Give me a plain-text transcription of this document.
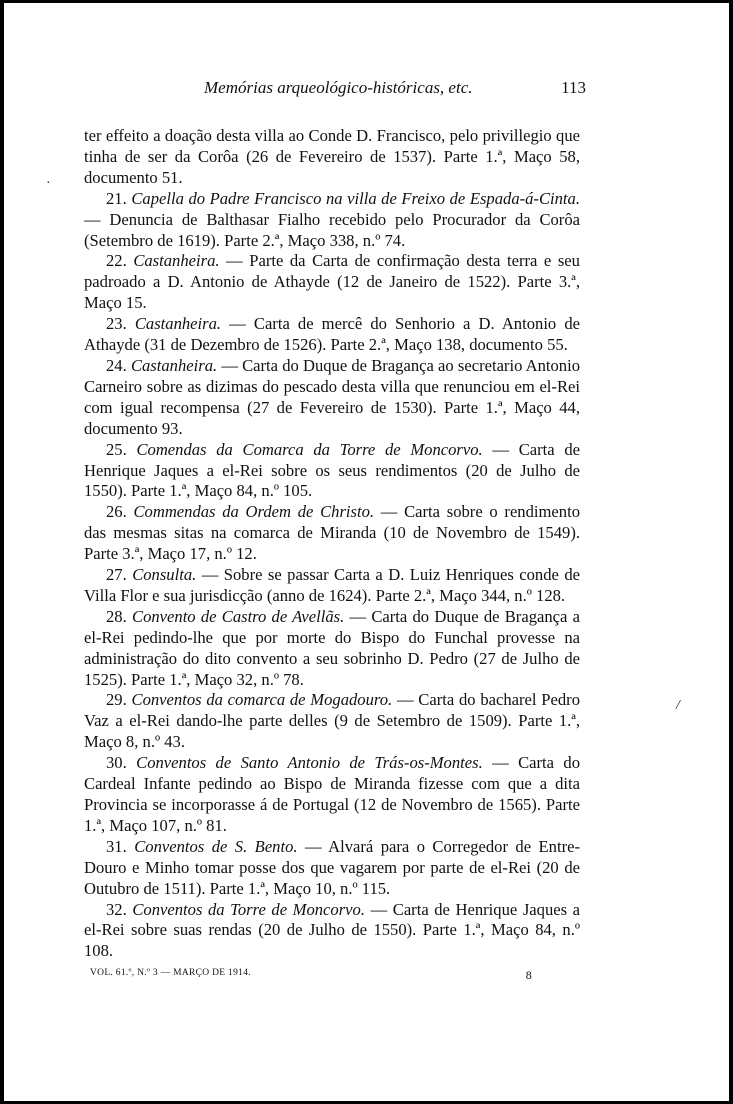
Memórias arqueológico-históricas, etc.	113

ter effeito a doação desta villa ao Conde D. Francisco, pelo privillegio que tinha de ser da Corôa (26 de Fevereiro de 1537). Parte 1.ª, Maço 58, documento 51.

21. Capella do Padre Francisco na villa de Freixo de Espada-á-Cinta. — Denuncia de Balthasar Fialho recebido pelo Procurador da Corôa (Setembro de 1619). Parte 2.ª, Maço 338, n.º 74.

22. Castanheira. — Parte da Carta de confirmação desta terra e seu padroado a D. Antonio de Athayde (12 de Janeiro de 1522). Parte 3.ª, Maço 15.

23. Castanheira. — Carta de mercê do Senhorio a D. Antonio de Athayde (31 de Dezembro de 1526). Parte 2.ª, Maço 138, documento 55.

24. Castanheira. — Carta do Duque de Bragança ao secretario Antonio Carneiro sobre as dizimas do pescado desta villa que renunciou em el-Rei com igual recompensa (27 de Fevereiro de 1530). Parte 1.ª, Maço 44, documento 93.

25. Comendas da Comarca da Torre de Moncorvo. — Carta de Henrique Jaques a el-Rei sobre os seus rendimentos (20 de Julho de 1550). Parte 1.ª, Maço 84, n.º 105.

26. Commendas da Ordem de Christo. — Carta sobre o rendimento das mesmas sitas na comarca de Miranda (10 de Novembro de 1549). Parte 3.ª, Maço 17, n.º 12.

27. Consulta. — Sobre se passar Carta a D. Luiz Henriques conde de Villa Flor e sua jurisdicção (anno de 1624). Parte 2.ª, Maço 344, n.º 128.

28. Convento de Castro de Avellãs. — Carta do Duque de Bragança a el-Rei pedindo-lhe que por morte do Bispo do Funchal provesse na administração do dito convento a seu sobrinho D. Pedro (27 de Julho de 1525). Parte 1.ª, Maço 32, n.º 78.

29. Conventos da comarca de Mogadouro. — Carta do bacharel Pedro Vaz a el-Rei dando-lhe parte delles (9 de Setembro de 1509). Parte 1.ª, Maço 8, n.º 43.

30. Conventos de Santo Antonio de Trás-os-Montes. — Carta do Cardeal Infante pedindo ao Bispo de Miranda fizesse com que a dita Provincia se incorporasse á de Portugal (12 de Novembro de 1565). Parte 1.ª, Maço 107, n.º 81.

31. Conventos de S. Bento. — Alvará para o Corregedor de Entre-Douro e Minho tomar posse dos que vagarem por parte de el-Rei (20 de Outubro de 1511). Parte 1.ª, Maço 10, n.º 115.

32. Conventos da Torre de Moncorvo. — Carta de Henrique Jaques a el-Rei sobre suas rendas (20 de Julho de 1550). Parte 1.ª, Maço 84, n.º 108.

VOL. 61.º, N.º 3 — MARÇO DE 1914.	8
·
/
